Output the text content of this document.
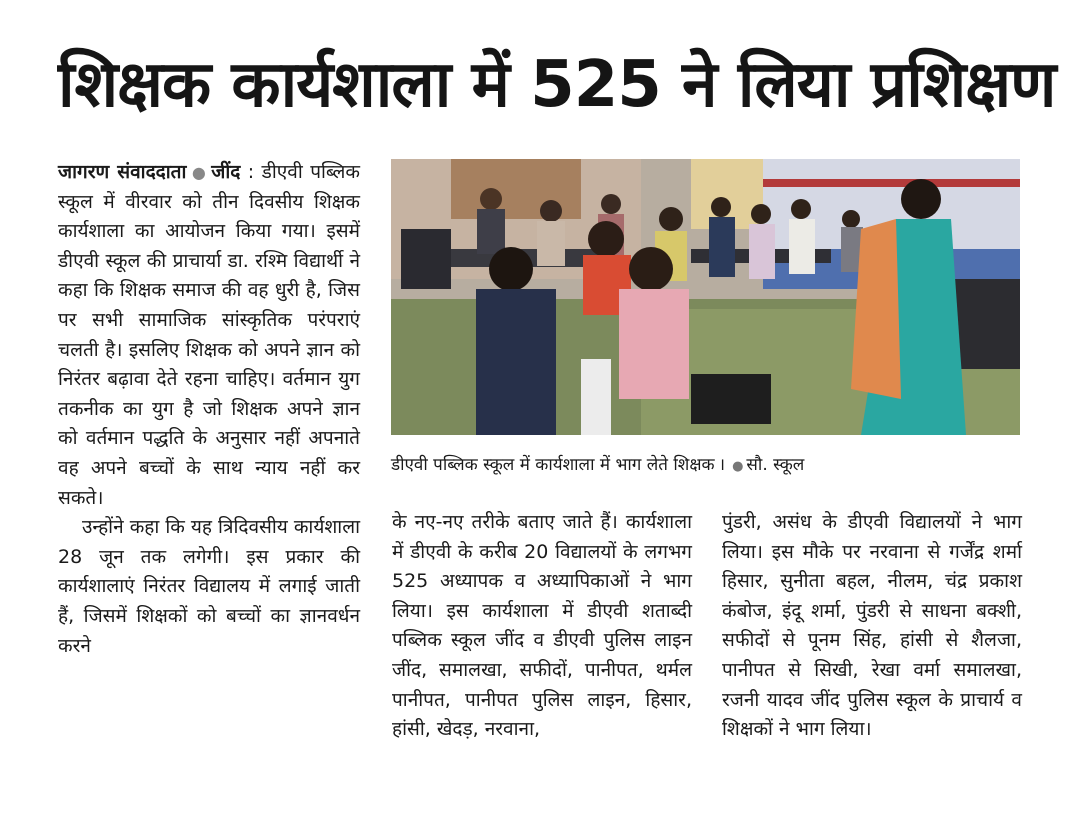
शिक्षक कार्यशाला में 525 ने लिया प्रशिक्षण

जागरण संवाददाता ● जींद : डीएवी पब्लिक स्कूल में वीरवार को तीन दिवसीय शिक्षक कार्यशाला का आयोजन किया गया। इसमें डीएवी स्कूल की प्राचार्या डा. रश्मि विद्यार्थी ने कहा कि शिक्षक समाज की वह धुरी है, जिस पर सभी सामाजिक सांस्कृतिक परंपराएं चलती है। इसलिए शिक्षक को अपने ज्ञान को निरंतर बढ़ावा देते रहना चाहिए। वर्तमान युग तकनीक का युग है जो शिक्षक अपने ज्ञान को वर्तमान पद्धति के अनुसार नहीं अपनाते वह अपने बच्चों के साथ न्याय नहीं कर सकते।

उन्होंने कहा कि यह त्रिदिवसीय कार्यशाला 28 जून तक लगेगी। इस प्रकार की कार्यशालाएं निरंतर विद्यालय में लगाई जाती हैं, जिसमें शिक्षकों को बच्चों का ज्ञानवर्धन करने

डीएवी पब्लिक स्कूल में कार्यशाला में भाग लेते शिक्षक । ● सौ. स्कूल

के नए-नए तरीके बताए जाते हैं। कार्यशाला में डीएवी के करीब 20 विद्यालयों के लगभग 525 अध्यापक व अध्यापिकाओं ने भाग लिया। इस कार्यशाला में डीएवी शताब्दी पब्लिक स्कूल जींद व डीएवी पुलिस लाइन जींद, समालखा, सफीदों, पानीपत, थर्मल पानीपत, पानीपत पुलिस लाइन, हिसार, हांसी, खेदड़, नरवाना,

पुंडरी, असंध के डीएवी विद्यालयों ने भाग लिया। इस मौके पर नरवाना से गर्जेंद्र शर्मा हिसार, सुनीता बहल, नीलम, चंद्र प्रकाश कंबोज, इंदू शर्मा, पुंडरी से साधना बक्शी, सफीदों से पूनम सिंह, हांसी से शैलजा, पानीपत से सिखी, रेखा वर्मा समालखा, रजनी यादव जींद पुलिस स्कूल के प्राचार्य व शिक्षकों ने भाग लिया।
